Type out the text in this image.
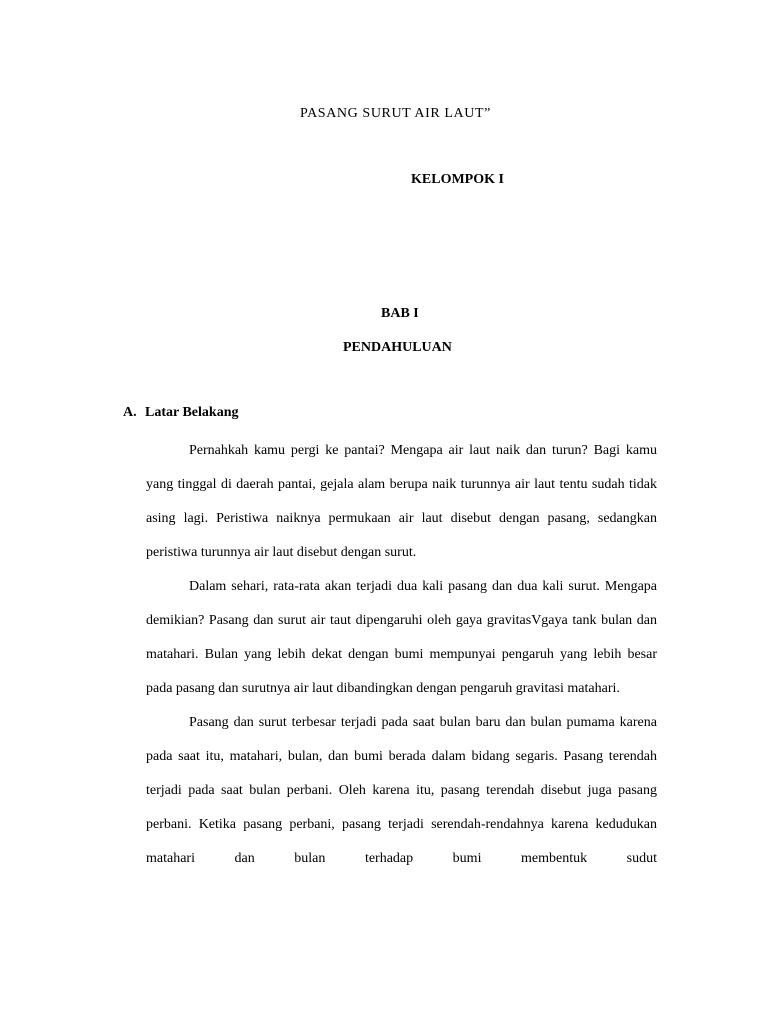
PASANG SURUT AIR LAUT”
KELOMPOK I
BAB I
PENDAHULUAN
A. Latar Belakang

Pernahkah kamu pergi ke pantai? Mengapa air laut naik dan turun? Bagi kamu yang tinggal di daerah pantai, gejala alam berupa naik turunnya air laut tentu sudah tidak asing lagi. Peristiwa naiknya permukaan air laut disebut dengan pasang, sedangkan peristiwa turunnya air laut disebut dengan surut.

Dalam sehari, rata-rata akan terjadi dua kali pasang dan dua kali surut. Mengapa demikian? Pasang dan surut air taut dipengaruhi oleh gaya gravitasVgaya tank bulan dan matahari. Bulan yang lebih dekat dengan bumi mempunyai pengaruh yang lebih besar pada pasang dan surutnya air laut dibandingkan dengan pengaruh gravitasi matahari.

Pasang dan surut terbesar terjadi pada saat bulan baru dan bulan pumama karena pada saat itu, matahari, bulan, dan bumi berada dalam bidang segaris. Pasang terendah terjadi pada saat bulan perbani. Oleh karena itu, pasang terendah disebut juga pasang perbani. Ketika pasang perbani, pasang terjadi serendah-rendahnya karena kedudukan matahari dan bulan terhadap bumi membentuk sudut
